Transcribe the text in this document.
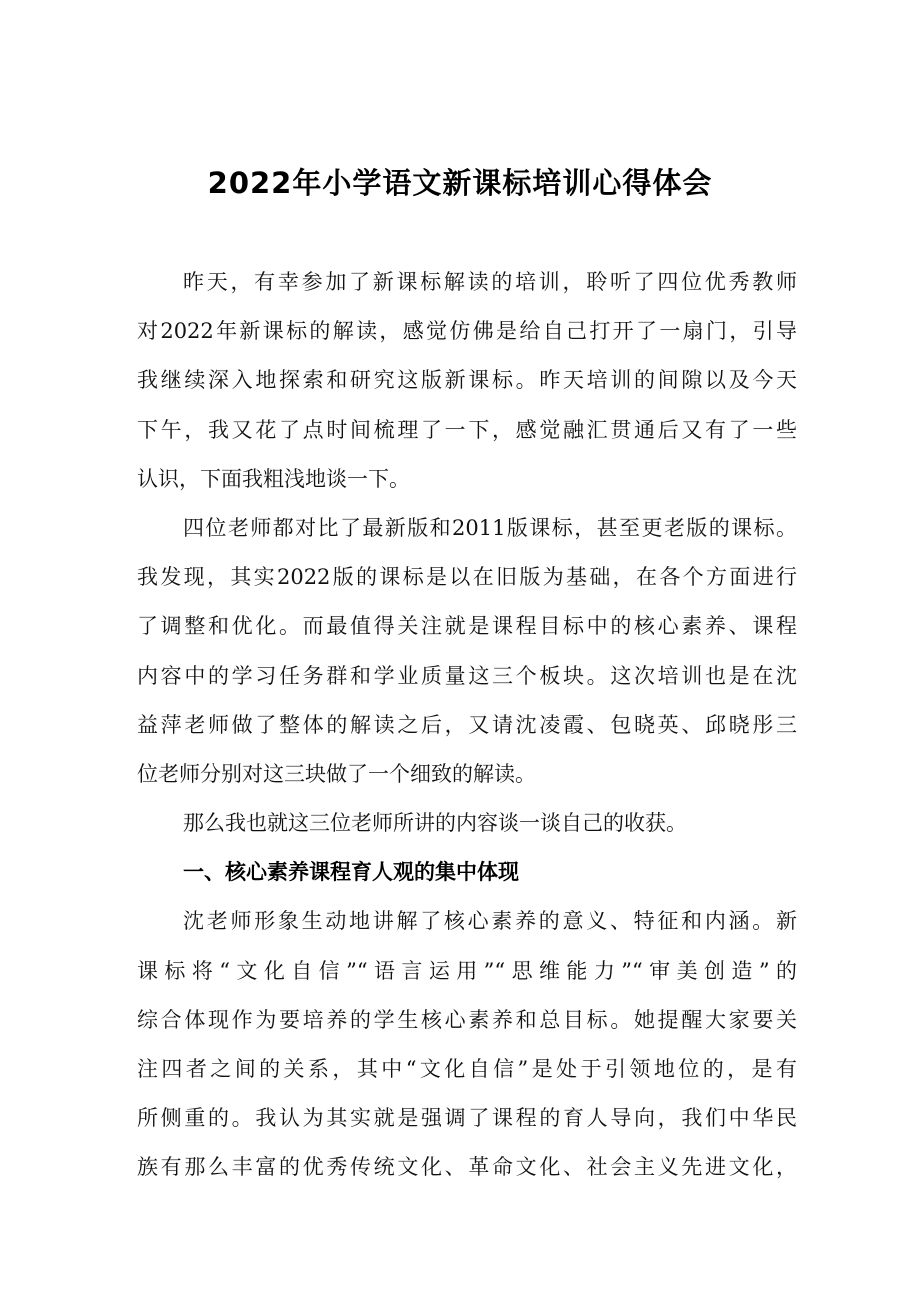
2022年小学语文新课标培训心得体会
昨天，有幸参加了新课标解读的培训，聆听了四位优秀教师
对2022年新课标的解读，感觉仿佛是给自己打开了一扇门，引导
我继续深入地探索和研究这版新课标。昨天培训的间隙以及今天
下午，我又花了点时间梳理了一下，感觉融汇贯通后又有了一些
认识，下面我粗浅地谈一下。
四位老师都对比了最新版和2011版课标，甚至更老版的课标。
我发现，其实2022版的课标是以在旧版为基础，在各个方面进行
了调整和优化。而最值得关注就是课程目标中的核心素养、课程
内容中的学习任务群和学业质量这三个板块。这次培训也是在沈
益萍老师做了整体的解读之后，又请沈凌霞、包晓英、邱晓彤三
位老师分别对这三块做了一个细致的解读。
那么我也就这三位老师所讲的内容谈一谈自己的收获。
一、核心素养课程育人观的集中体现
沈老师形象生动地讲解了核心素养的意义、特征和内涵。新
课标将“文化自信”“语言运用”“思维能力”“审美创造”的
综合体现作为要培养的学生核心素养和总目标。她提醒大家要关
注四者之间的关系，其中“文化自信”是处于引领地位的，是有
所侧重的。我认为其实就是强调了课程的育人导向，我们中华民
族有那么丰富的优秀传统文化、革命文化、社会主义先进文化，
